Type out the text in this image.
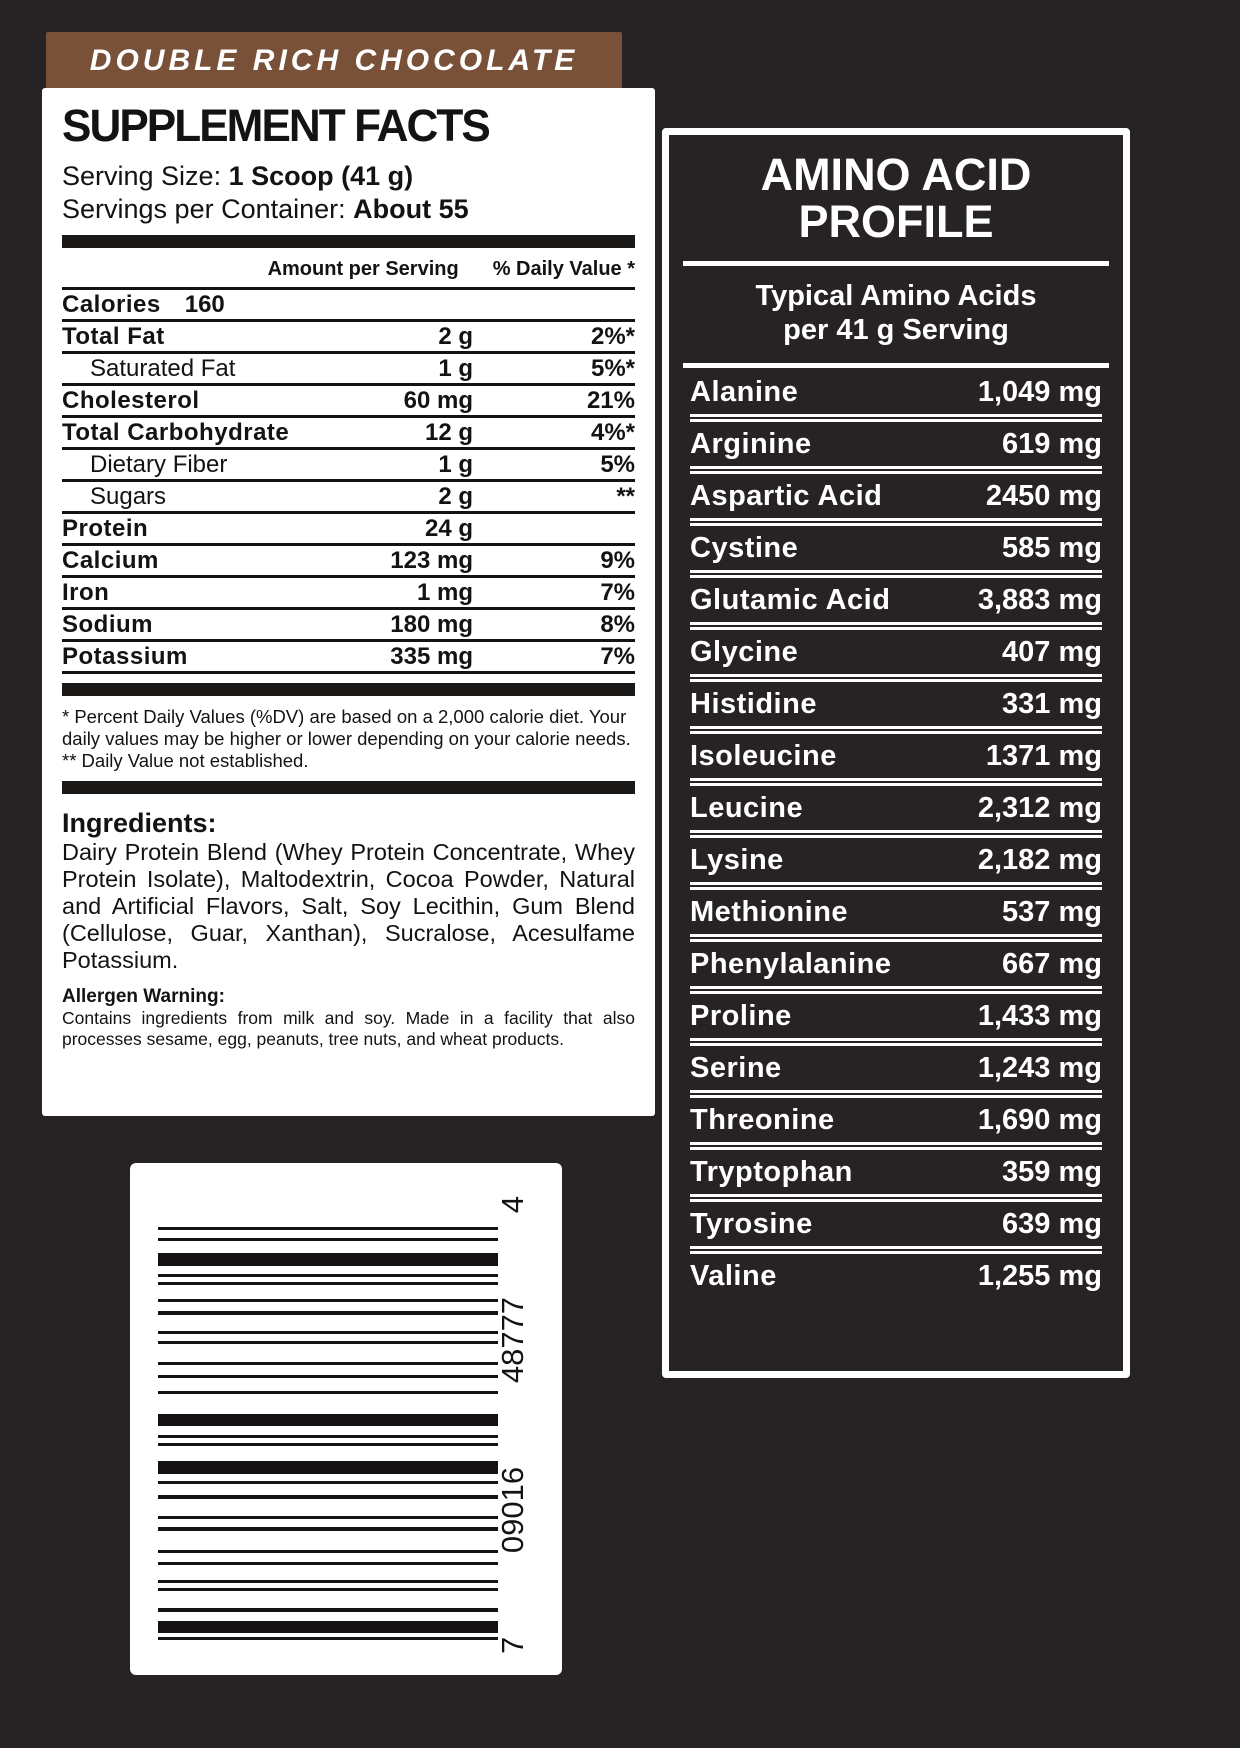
DOUBLE RICH CHOCOLATE
SUPPLEMENT FACTS
Serving Size: 1 Scoop (41 g)
Servings per Container: About 55
Amount per Serving % Daily Value *
Calories 160
Total Fat	2 g	2%*
Saturated Fat	1 g	5%*
Cholesterol	60 mg	21%
Total Carbohydrate	12 g	4%*
Dietary Fiber	1 g	5%
Sugars	2 g	**
Protein	24 g
Calcium	123 mg	9%
Iron	1 mg	7%
Sodium	180 mg	8%
Potassium	335 mg	7%
* Percent Daily Values (%DV) are based on a 2,000 calorie diet. Your daily values may be higher or lower depending on your calorie needs.
** Daily Value not established.
Ingredients:
Dairy Protein Blend (Whey Protein Concentrate, Whey Protein Isolate), Maltodextrin, Cocoa Powder, Natural and Artificial Flavors, Salt, Soy Lecithin, Gum Blend (Cellulose, Guar, Xanthan), Sucralose, Acesulfame Potassium.
Allergen Warning:
Contains ingredients from milk and soy. Made in a facility that also processes sesame, egg, peanuts, tree nuts, and wheat products.
AMINO ACID
PROFILE
Typical Amino Acids
per 41 g Serving
Alanine	1,049 mg
Arginine	619 mg
Aspartic Acid	2450 mg
Cystine	585 mg
Glutamic Acid	3,883 mg
Glycine	407 mg
Histidine	331 mg
Isoleucine	1371 mg
Leucine	2,312 mg
Lysine	2,182 mg
Methionine	537 mg
Phenylalanine	667 mg
Proline	1,433 mg
Serine	1,243 mg
Threonine	1,690 mg
Tryptophan	359 mg
Tyrosine	639 mg
Valine	1,255 mg
7
09016
48777
4
